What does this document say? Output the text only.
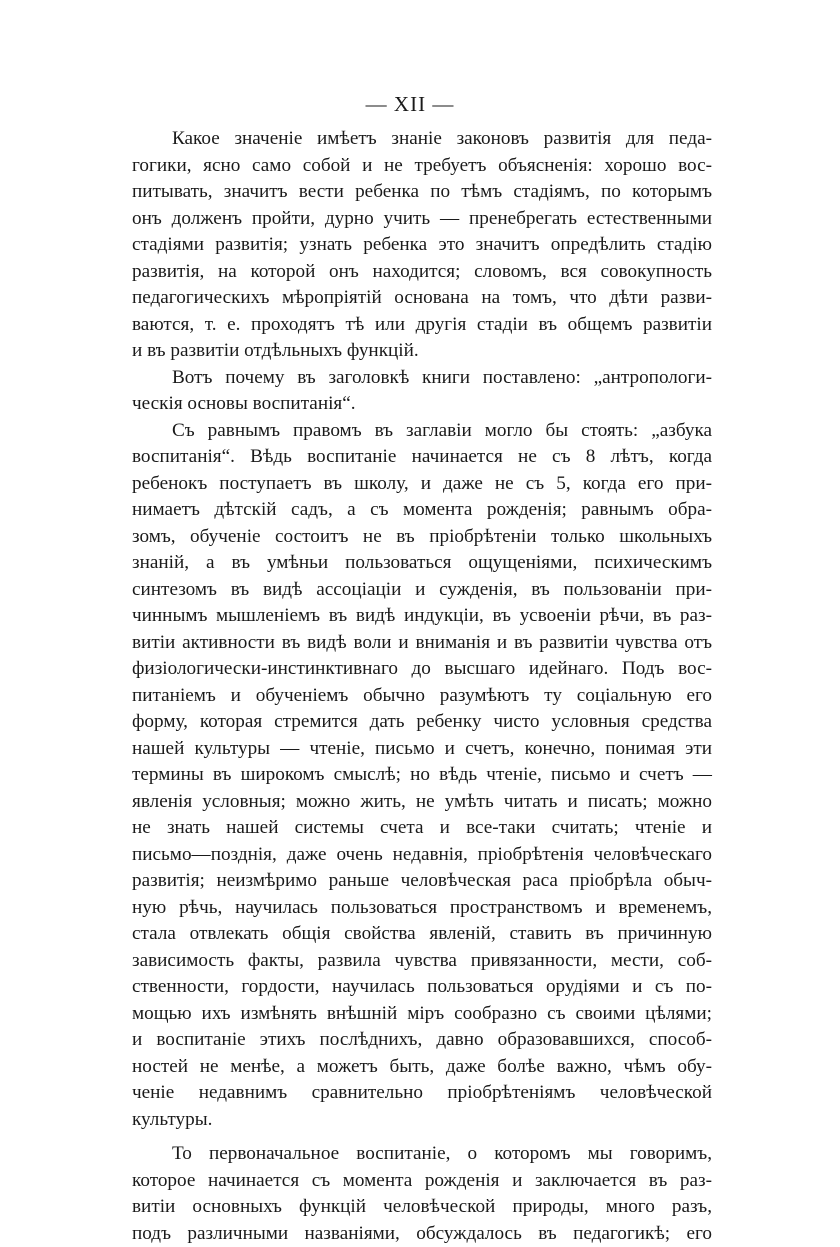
— XII —
Какое значеніе имѣетъ знаніе законовъ развитія для педа-
гогики, ясно само собой и не требуетъ объясненія: хорошо вос-
питывать, значитъ вести ребенка по тѣмъ стадіямъ, по которымъ
онъ долженъ пройти, дурно учить — пренебрегать естественными
стадіями развитія; узнать ребенка это значитъ опредѣлить стадію
развитія, на которой онъ находится; словомъ, вся совокупность
педагогическихъ мѣропріятій основана на томъ, что дѣти разви-
ваются, т. е. проходятъ тѣ или другія стадіи въ общемъ развитіи
и въ развитіи отдѣльныхъ функцій.
Вотъ почему въ заголовкѣ книги поставлено: „антропологи-
ческія основы воспитанія“.
Съ равнымъ правомъ въ заглавіи могло бы стоять: „азбука
воспитанія“. Вѣдь воспитаніе начинается не съ 8 лѣтъ, когда
ребенокъ поступаетъ въ школу, и даже не съ 5, когда его при-
нимаетъ дѣтскій садъ, а съ момента рожденія; равнымъ обра-
зомъ, обученіе состоитъ не въ пріобрѣтеніи только школьныхъ
знаній, а въ умѣньи пользоваться ощущеніями, психическимъ
синтезомъ въ видѣ ассоціаціи и сужденія, въ пользованіи при-
чиннымъ мышленіемъ въ видѣ индукціи, въ усвоеніи рѣчи, въ раз-
витіи активности въ видѣ воли и вниманія и въ развитіи чувства отъ
физіологически-инстинктивнаго до высшаго идейнаго. Подъ вос-
питаніемъ и обученіемъ обычно разумѣютъ ту соціальную его
форму, которая стремится дать ребенку чисто условныя средства
нашей культуры — чтеніе, письмо и счетъ, конечно, понимая эти
термины въ широкомъ смыслѣ; но вѣдь чтеніе, письмо и счетъ —
явленія условныя; можно жить, не умѣть читать и писать; можно
не знать нашей системы счета и все-таки считать; чтеніе и
письмо—позднія, даже очень недавнія, пріобрѣтенія человѣческаго
развитія; неизмѣримо раньше человѣческая раса пріобрѣла обыч-
ную рѣчь, научилась пользоваться пространствомъ и временемъ,
стала отвлекать общія свойства явленій, ставить въ причинную
зависимость факты, развила чувства привязанности, мести, соб-
ственности, гордости, научилась пользоваться орудіями и съ по-
мощью ихъ измѣнять внѣшній міръ сообразно съ своими цѣлями;
и воспитаніе этихъ послѣднихъ, давно образовавшихся, способ-
ностей не менѣе, а можетъ быть, даже болѣе важно, чѣмъ обу-
ченіе недавнимъ сравнительно пріобрѣтеніямъ человѣческой
культуры.
То первоначальное воспитаніе, о которомъ мы говоримъ,
которое начинается съ момента рожденія и заключается въ раз-
витіи основныхъ функцій человѣческой природы, много разъ,
подъ различными названіями, обсуждалось въ педагогикѣ; его
